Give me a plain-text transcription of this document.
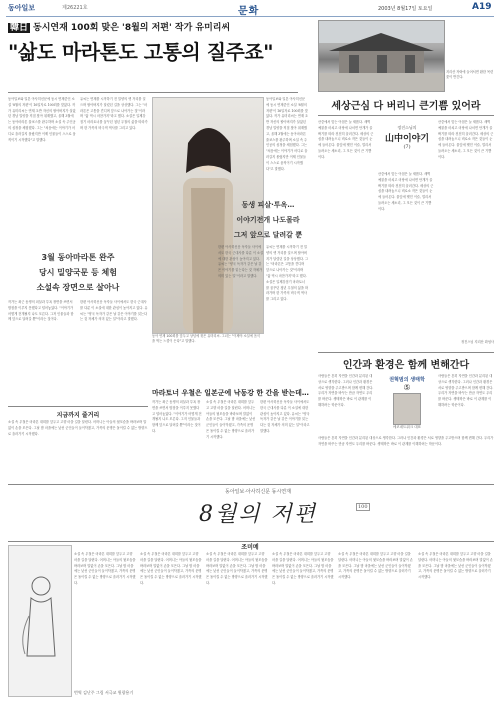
동아일보	제26221호	문화	2003년 8월17일 토요일	A19
韓日 동시연재 100회 맞은 '8월의 저편' 작가 유미리씨
"삶도 마라톤도 고통의 질주죠"
동아일보와 일본 아사히신문에 동시 연재중인 소설 '8월의 저편'이 16일자로 100회를 맞았다. 작가 유미리씨는 연재 초반 자신의 할아버지가 살았던 경남 밀양을 직접 찾아 취재했고, 올해 3월에는 동아마라톤 풀코스를 완주하며 소설 속 주인공의 심정을 체험했다. 그는 "처음에는 이야기가 어디로 흘러갈지 몰랐지만 이제 인물들이 스스로 움직이기 시작했다"고 말했다.
유씨는 연재를 시작하기 전 밀양의 옛 거리를 걸으며 할아버지가 달렸던 길을 상상했다. 그는 "마라톤은 고통을 견디며 앞으로 나아가는 것"이라며 "삶 역시 마찬가지"라고 했다. 소설은 일제강점기 마라토너를 꿈꾸던 청년 우철의 삶을 따라가며 한 가족의 비극적 역사를 그리고 있다.
3월 동아마라톤 완주
당시 밀양국문 등 체험
소설속 장면으로 살아나
작가는 최근 동생의 피살과 투옥 장면을 쓰면서 밤잠을 이루지 못했다고 털어놓았다. "이야기가 어떻게 전개될지 나도 모른다. 그저 인물들과 함께 앞으로 달려갈 뿐"이라는 것이다.
한편 아사히신문 독자들 사이에서도 한국 근대사를 다룬 이 소설에 대한 관심이 높아지고 있다. 유씨는 "양국 독자가 같은 날 같은 이야기를 읽는다는 것 자체가 의미 있는 일"이라고 말했다.
동아 연재 100회를 앞두고 상념에 젖은 유미리씨. 그녀는 "이제야 소설에 음식을 먹는 느낌이 든다"고 말했다.
동아일보와 일본 아사히신문에 동시 연재중인 소설 '8월의 저편'이 16일자로 100회를 맞았다. 작가 유미리씨는 연재 초반 자신의 할아버지가 살았던 경남 밀양을 직접 찾아 취재했고, 올해 3월에는 동아마라톤 풀코스를 완주하며 소설 속 주인공의 심정을 체험했다. 그는 "처음에는 이야기가 어디로 흘러갈지 몰랐지만 이제 인물들이 스스로 움직이기 시작했다"고 말했다.
동생 피살·투옥…
이야기전개 나도몰라
그저 앞으로 달려갈 뿐
유씨는 연재를 시작하기 전 밀양의 옛 거리를 걸으며 할아버지가 달렸던 길을 상상했다. 그는 "마라톤은 고통을 견디며 앞으로 나아가는 것"이라며 "삶 역시 마찬가지"라고 했다. 소설은 일제강점기 마라토너를 꿈꾸던 청년 우철의 삶을 따라가며 한 가족의 비극적 역사를 그리고 있다.
한편 아사히신문 독자들 사이에서도 한국 근대사를 다룬 이 소설에 대한 관심이 높아지고 있다. 유씨는 "양국 독자가 같은 날 같은 이야기를 읽는다는 것 자체가 의미 있는 일"이라고 말했다.
지금까지 줄거리
소설 속 우철은 마라톤 대회를 앞두고 고향 마을 길을 달린다. 어머니는 아들의 뒷모습을 바라보며 말없이 손을 모은다. 그날 밤 마을에는 낯선 군인들이 들이닥쳤고, 가족의 운명은 돌이킬 수 없는 방향으로 흘러가기 시작했다.
마라토너 우철은 일본군에 낙동강 한 간을 받는데…
작가는 최근 동생의 피살과 투옥 장면을 쓰면서 밤잠을 이루지 못했다고 털어놓았다. "이야기가 어떻게 전개될지 나도 모른다. 그저 인물들과 함께 앞으로 달려갈 뿐"이라는 것이다.
소설 속 우철은 마라톤 대회를 앞두고 고향 마을 길을 달린다. 어머니는 아들의 뒷모습을 바라보며 말없이 손을 모은다. 그날 밤 마을에는 낯선 군인들이 들이닥쳤고, 가족의 운명은 돌이킬 수 없는 방향으로 흘러가기 시작했다.
한편 아사히신문 독자들 사이에서도 한국 근대사를 다룬 이 소설에 대한 관심이 높아지고 있다. 유씨는 "양국 독자가 같은 날 같은 이야기를 읽는다는 것 자체가 의미 있는 일"이라고 말했다.
지리산 자락에 들어서면 환한 목련꽃이 반긴다.
세상근심 다 버리니 큰기쁨 있어라
산중에서 맞는 아침은 늘 새롭다. 새벽 예불을 마치고 마당에 나서면 안개가 골짜기를 따라 천천히 흘러간다. 세상의 근심을 내려놓으니 비로소 작은 것들이 눈에 들어온다. 풀잎에 맺힌 이슬, 멀리서 들려오는 새소리, 그 모든 것이 큰 기쁨이다.
정진스님의
山中이야기
(7)
산중에서 맞는 아침은 늘 새롭다. 새벽 예불을 마치고 마당에 나서면 안개가 골짜기를 따라 천천히 흘러간다. 세상의 근심을 내려놓으니 비로소 작은 것들이 눈에 들어온다. 풀잎에 맺힌 이슬, 멀리서 들려오는 새소리, 그 모든 것이 큰 기쁨이다.
산중에서 맞는 아침은 늘 새롭다. 새벽 예불을 마치고 마당에 나서면 안개가 골짜기를 따라 천천히 흘러간다. 세상의 근심을 내려놓으니 비로소 작은 것들이 눈에 들어온다. 풀잎에 맺힌 이슬, 멀리서 들려오는 새소리, 그 모든 것이 큰 기쁨이다.
정진스님 지리산 화엄사
인간과 환경은 함께 변해간다
사람들은 흔히 자연을 인간과 분리된 대상으로 생각한다. 그러나 인간과 환경은 서로 영향을 주고받으며 함께 변해 간다. 우리가 자연을 바꾸는 만큼 자연도 우리를 바꾼다. 생태학은 바로 이 관계를 이해하려는 학문이다.
권혁범의 생태학
⑤
에코네트워크 대표
사람들은 흔히 자연을 인간과 분리된 대상으로 생각한다. 그러나 인간과 환경은 서로 영향을 주고받으며 함께 변해 간다. 우리가 자연을 바꾸는 만큼 자연도 우리를 바꾼다. 생태학은 바로 이 관계를 이해하려는 학문이다.
사람들은 흔히 자연을 인간과 분리된 대상으로 생각한다. 그러나 인간과 환경은 서로 영향을 주고받으며 함께 변해 간다. 우리가 자연을 바꾸는 만큼 자연도 우리를 바꾼다. 생태학은 바로 이 관계를 이해하려는 학문이다.
동아일보·아사히신문 동시연재
8월의 저편	100
번역 김난주 그림 서극교 원광용기
조미메
소설 속 우철은 마라톤 대회를 앞두고 고향 마을 길을 달린다. 어머니는 아들의 뒷모습을 바라보며 말없이 손을 모은다. 그날 밤 마을에는 낯선 군인들이 들이닥쳤고, 가족의 운명은 돌이킬 수 없는 방향으로 흘러가기 시작했다.
소설 속 우철은 마라톤 대회를 앞두고 고향 마을 길을 달린다. 어머니는 아들의 뒷모습을 바라보며 말없이 손을 모은다. 그날 밤 마을에는 낯선 군인들이 들이닥쳤고, 가족의 운명은 돌이킬 수 없는 방향으로 흘러가기 시작했다.
소설 속 우철은 마라톤 대회를 앞두고 고향 마을 길을 달린다. 어머니는 아들의 뒷모습을 바라보며 말없이 손을 모은다. 그날 밤 마을에는 낯선 군인들이 들이닥쳤고, 가족의 운명은 돌이킬 수 없는 방향으로 흘러가기 시작했다.
소설 속 우철은 마라톤 대회를 앞두고 고향 마을 길을 달린다. 어머니는 아들의 뒷모습을 바라보며 말없이 손을 모은다. 그날 밤 마을에는 낯선 군인들이 들이닥쳤고, 가족의 운명은 돌이킬 수 없는 방향으로 흘러가기 시작했다.
소설 속 우철은 마라톤 대회를 앞두고 고향 마을 길을 달린다. 어머니는 아들의 뒷모습을 바라보며 말없이 손을 모은다. 그날 밤 마을에는 낯선 군인들이 들이닥쳤고, 가족의 운명은 돌이킬 수 없는 방향으로 흘러가기 시작했다.
소설 속 우철은 마라톤 대회를 앞두고 고향 마을 길을 달린다. 어머니는 아들의 뒷모습을 바라보며 말없이 손을 모은다. 그날 밤 마을에는 낯선 군인들이 들이닥쳤고, 가족의 운명은 돌이킬 수 없는 방향으로 흘러가기 시작했다.
